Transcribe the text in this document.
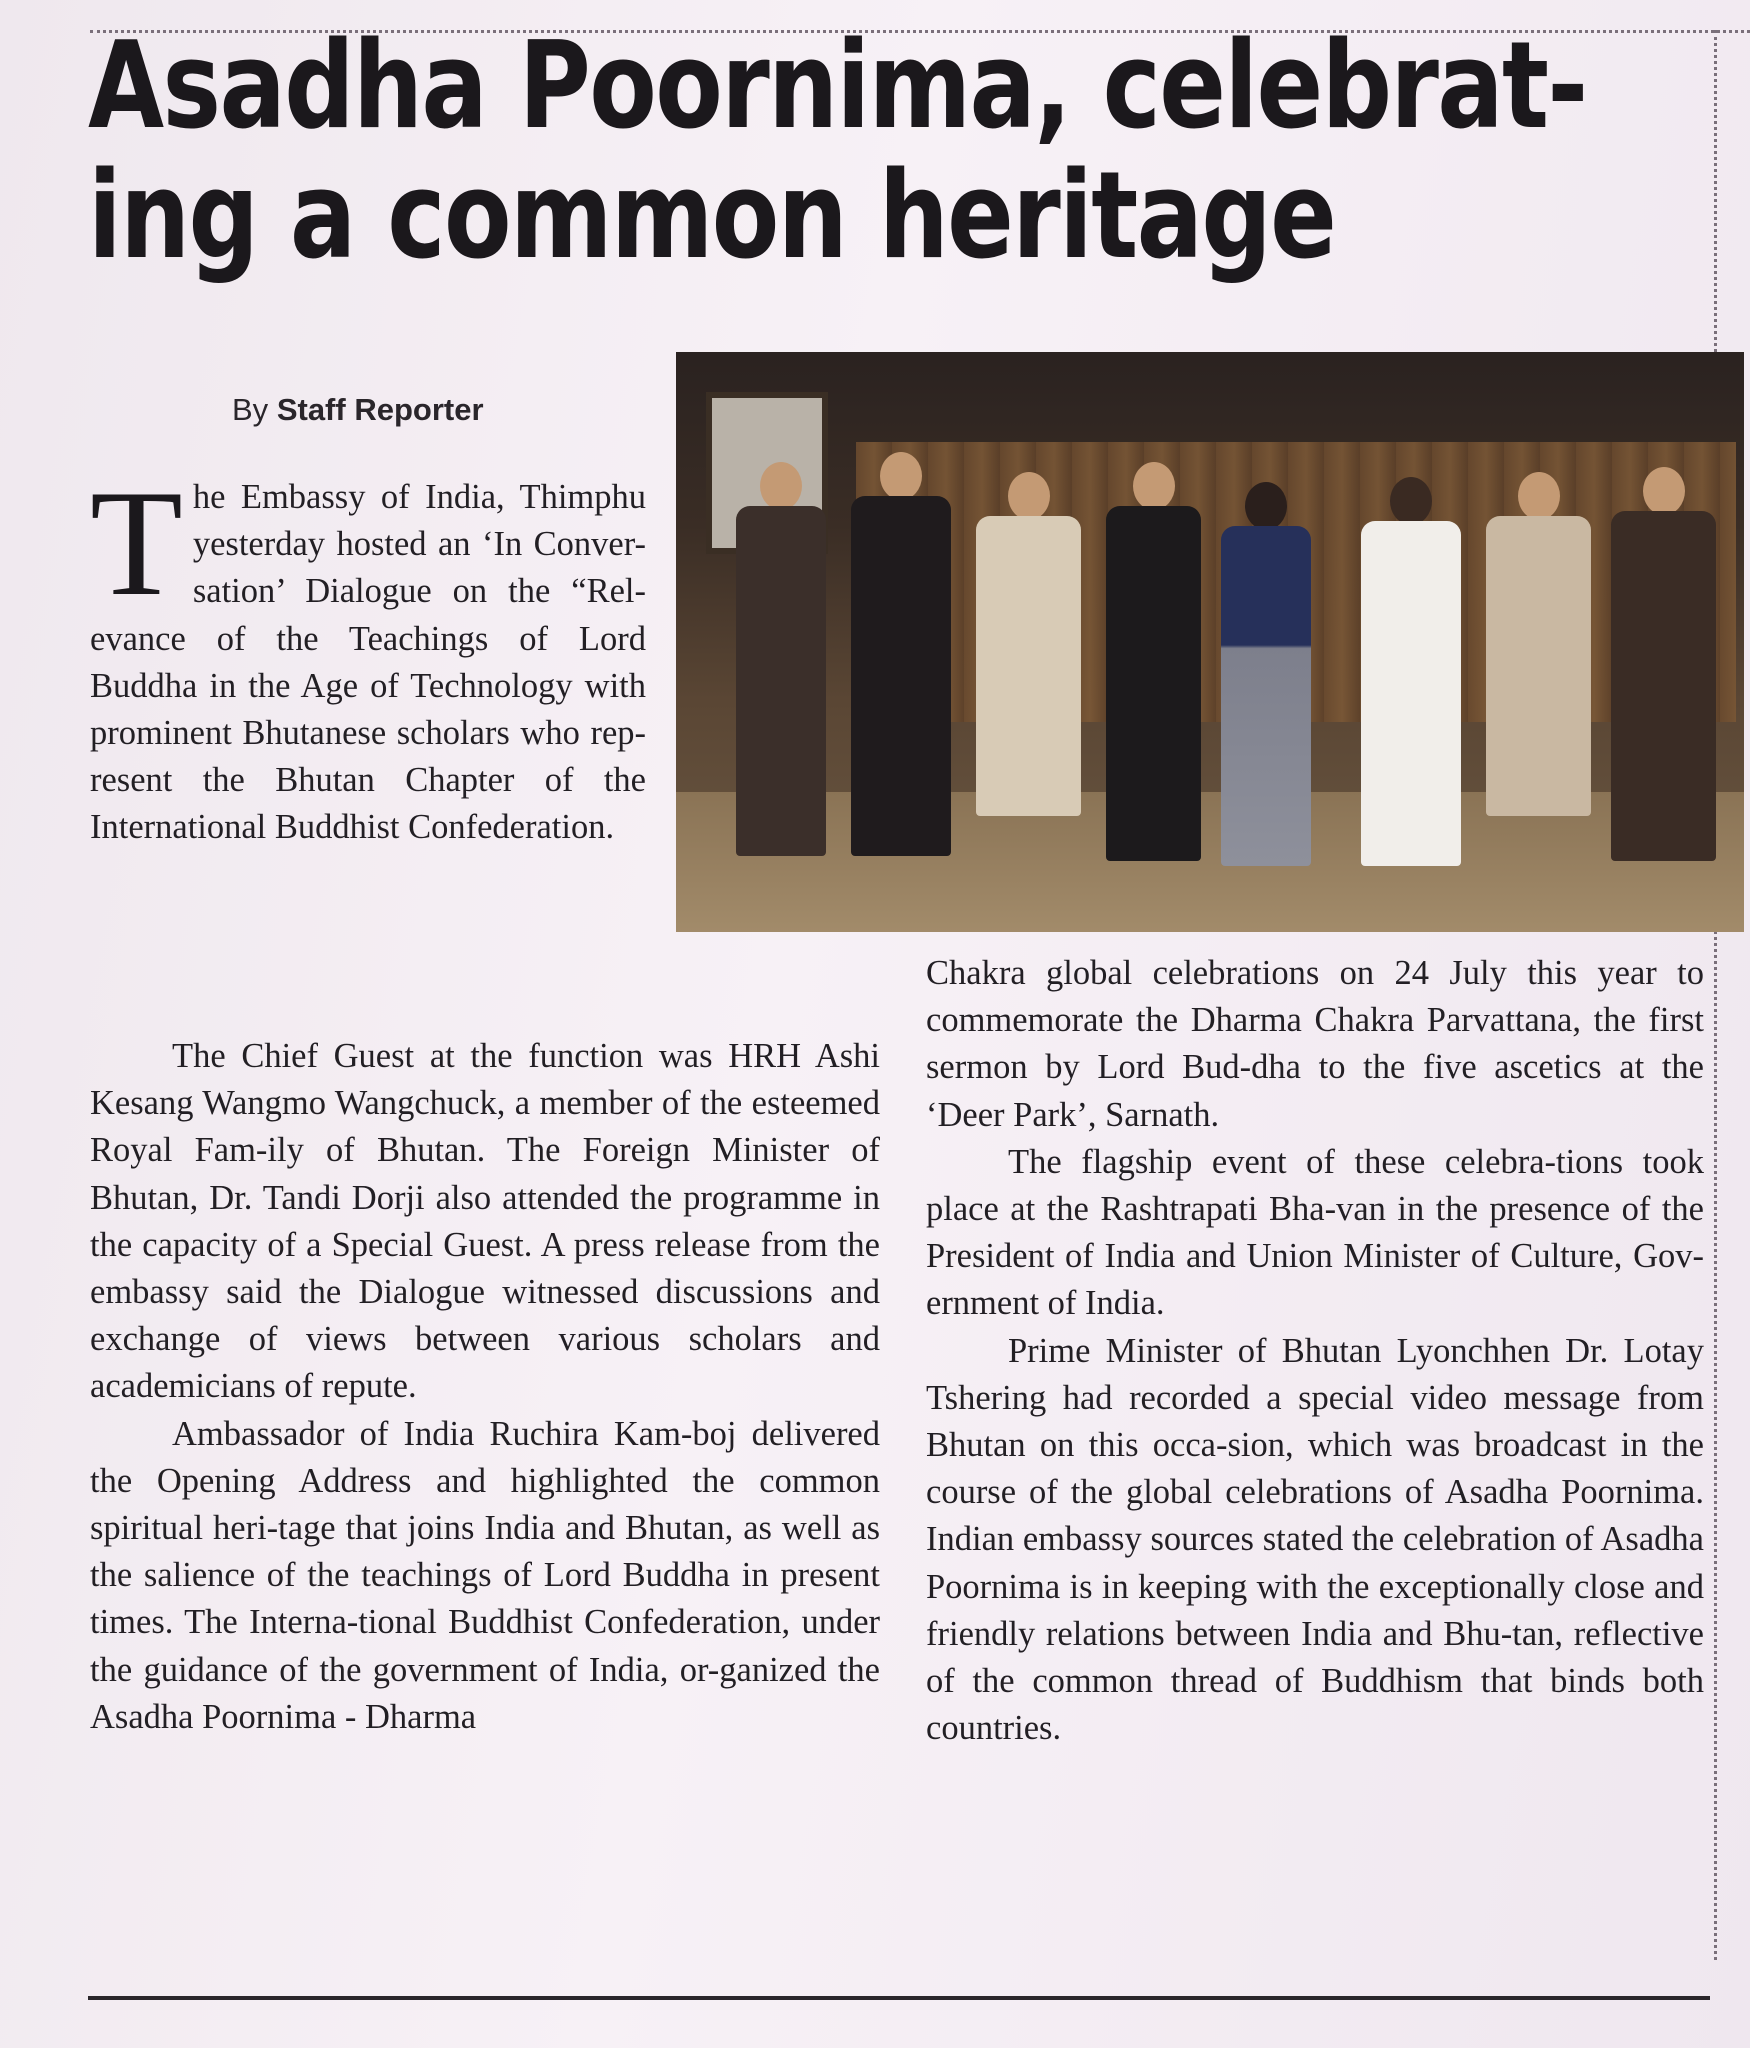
Asadha Poornima, celebrat-
ing a common heritage
By Staff Reporter

The Embassy of India, Thimphu yesterday hosted an ‘In Conver-sation’ Dialogue on the “Rel-evance of the Teachings of Lord Buddha in the Age of Technology with prominent Bhutanese scholars who rep-resent the Bhutan Chapter of the International Buddhist Confederation.

The Chief Guest at the function was HRH Ashi Kesang Wangmo Wangchuck, a member of the esteemed Royal Fam-ily of Bhutan. The Foreign Minister of Bhutan, Dr. Tandi Dorji also attended the programme in the capacity of a Special Guest. A press release from the embassy said the Dialogue witnessed discussions and exchange of views between various scholars and academicians of repute.

Ambassador of India Ruchira Kam-boj delivered the Opening Address and highlighted the common spiritual heri-tage that joins India and Bhutan, as well as the salience of the teachings of Lord Buddha in present times. The Interna-tional Buddhist Confederation, under the guidance of the government of India, or-ganized the Asadha Poornima - Dharma

Chakra global celebrations on 24 July this year to commemorate the Dharma Chakra Parvattana, the first sermon by Lord Bud-dha to the five ascetics at the ‘Deer Park’, Sarnath.

The flagship event of these celebra-tions took place at the Rashtrapati Bha-van in the presence of the President of India and Union Minister of Culture, Gov-ernment of India.

Prime Minister of Bhutan Lyonchhen Dr. Lotay Tshering had recorded a special video message from Bhutan on this occa-sion, which was broadcast in the course of the global celebrations of Asadha Poornima. Indian embassy sources stated the celebration of Asadha Poornima is in keeping with the exceptionally close and friendly relations between India and Bhu-tan, reflective of the common thread of Buddhism that binds both countries.
